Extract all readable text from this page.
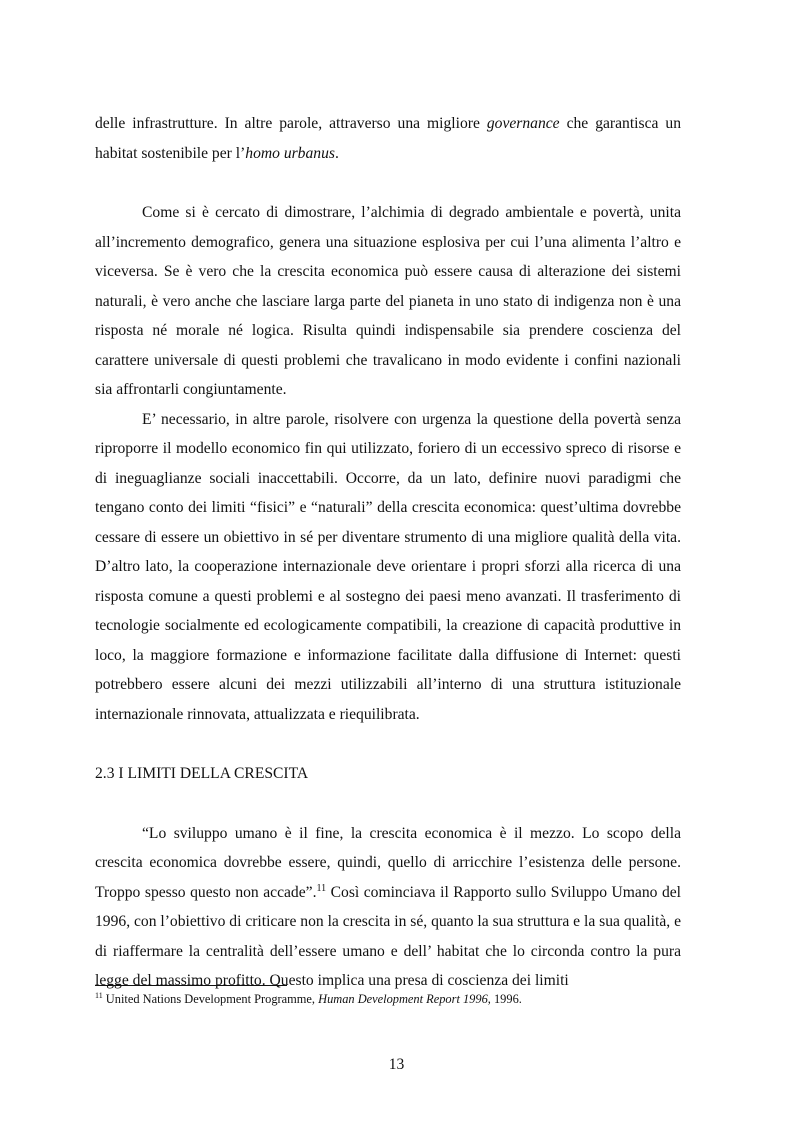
delle infrastrutture. In altre parole, attraverso una migliore governance che garantisca un habitat sostenibile per l’homo urbanus.

Come si è cercato di dimostrare, l’alchimia di degrado ambientale e povertà, unita all’incremento demografico, genera una situazione esplosiva per cui l’una alimenta l’altro e viceversa. Se è vero che la crescita economica può essere causa di alterazione dei sistemi naturali, è vero anche che lasciare larga parte del pianeta in uno stato di indigenza non è una risposta né morale né logica. Risulta quindi indispensabile sia prendere coscienza del carattere universale di questi problemi che travalicano in modo evidente i confini nazionali sia affrontarli congiuntamente.

E’ necessario, in altre parole, risolvere con urgenza la questione della povertà senza riproporre il modello economico fin qui utilizzato, foriero di un eccessivo spreco di risorse e di ineguaglianze sociali inaccettabili. Occorre, da un lato, definire nuovi paradigmi che tengano conto dei limiti “fisici” e “naturali” della crescita economica: quest’ultima dovrebbe cessare di essere un obiettivo in sé per diventare strumento di una migliore qualità della vita. D’altro lato, la cooperazione internazionale deve orientare i propri sforzi alla ricerca di una risposta comune a questi problemi e al sostegno dei paesi meno avanzati. Il trasferimento di tecnologie socialmente ed ecologicamente compatibili, la creazione di capacità produttive in loco, la maggiore formazione e informazione facilitate dalla diffusione di Internet: questi potrebbero essere alcuni dei mezzi utilizzabili all’interno di una struttura istituzionale internazionale rinnovata, attualizzata e riequilibrata.

2.3 I LIMITI DELLA CRESCITA

“Lo sviluppo umano è il fine, la crescita economica è il mezzo. Lo scopo della crescita economica dovrebbe essere, quindi, quello di arricchire l’esistenza delle persone. Troppo spesso questo non accade”.$^{11}$ Così cominciava il Rapporto sullo Sviluppo Umano del 1996, con l’obiettivo di criticare non la crescita in sé, quanto la sua struttura e la sua qualità, e di riaffermare la centralità dell’essere umano e dell’ habitat che lo circonda contro la pura legge del massimo profitto. Questo implica una presa di coscienza dei limiti

$^{11}$ United Nations Development Programme, Human Development Report 1996, 1996.
13
